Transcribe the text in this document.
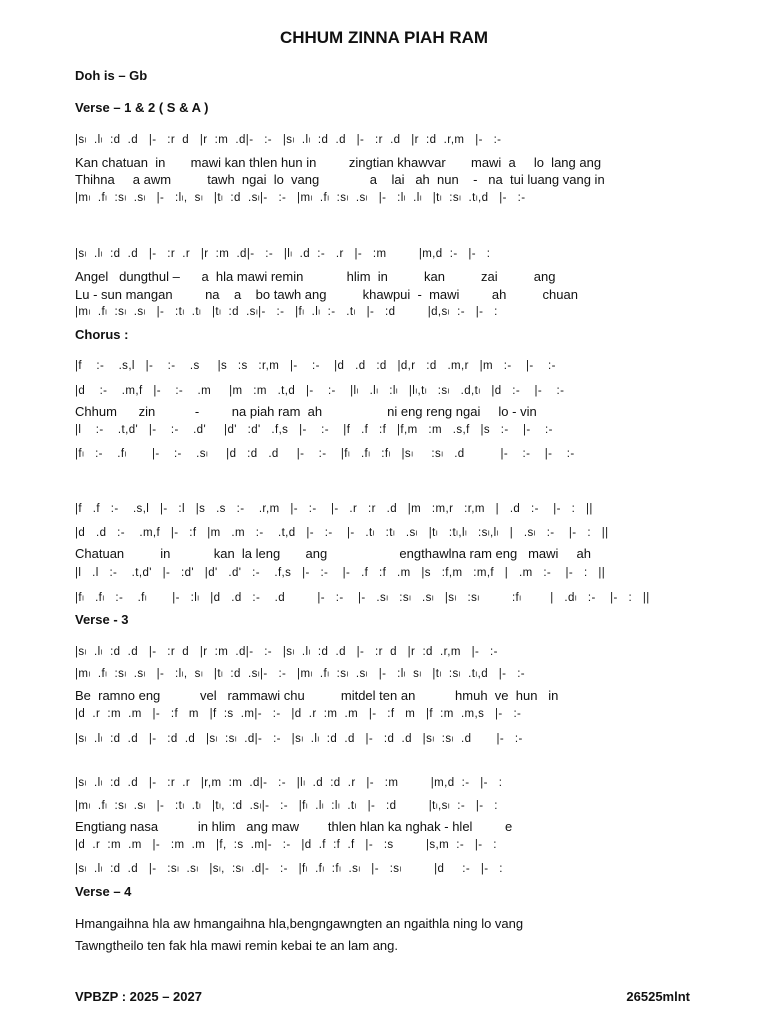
CHHUM ZINNA PIAH RAM
Doh is – Gb
Verse – 1 & 2 ( S & A )
|sₗ  .lₗ  :d  .d   |-   :r  d   |r  :m  .d|-   :-   |sₗ  .lₗ  :d  .d   |-   :r  .d   |r  :d  .r,m   |-   :-
Kan chatuan  in       mawi kan thlen hun in         zingtian khawvar       mawi  a     lo  lang ang
Thihna     a awm          tawh  ngai  lo  vang              a    lai   ah  nun    -   na  tui luang vang in
|mₗ  .fₗ  :sₗ  .sₗ   |-   :lₗ,  sₗ   |tₗ  :d  .sₗ|-   :-   |mₗ  .fₗ  :sₗ  .sₗ   |-   :lₗ  .lₗ   |tₗ  :sₗ  .tₗ,d   |-   :-
|sₗ  .lₗ  :d  .d   |-   :r  .r   |r  :m  .d|-   :-   |lₗ  .d  :-   .r   |-   :m         |m,d  :-   |-   :
Angel   dungthul –      a  hla mawi remin            hlim  in          kan          zai          ang
Lu - sun mangan         na    a    bo tawh ang          khawpui  -  mawi         ah          chuan
|mₗ  .fₗ  :sₗ  .sₗ   |-   :tₗ  .tₗ   |tₗ  :d  .sₗ|-   :-   |fₗ  .lₗ  :-   .tₗ   |-   :d         |d,sₗ  :-   |-   :
Chorus :
|f    :-    .s,l   |-    :-    .s     |s   :s   :r,m   |-    :-    |d   .d   :d   |d,r   :d   .m,r   |m   :-    |-    :-
|d    :-    .m,f   |-    :-    .m     |m   :m   .t,d   |-    :-    |lₗ   .lₗ   :lₗ   |lₗ,tₗ   :sₗ   .d,tₗ   |d   :-    |-    :-
Chhum      zin           -         na piah ram  ah                  ni eng reng ngai     lo - vin
|l    :-    .t,d'   |-    :-    .d'     |d'   :d'   .f,s   |-    :-    |f   .f   :f   |f,m   :m   .s,f   |s   :-    |-    :-
|fₗ   :-    .fₗ       |-    :-    .sₗ     |d   :d   .d     |-    :-    |fₗ   .fₗ   :fₗ   |sₗ     :sₗ   .d          |-    :-    |-    :-
|f   .f   :-    .s,l   |-   :l   |s   .s   :-    .r,m   |-   :-    |-   .r   :r   .d   |m   :m,r   :r,m   |   .d   :-    |-   :   ||
|d   .d   :-    .m,f   |-   :f   |m   .m   :-    .t,d   |-   :-    |-   .tₗ   :tₗ   .sₗ   |tₗ   :tₗ,lₗ   :sₗ,lₗ   |   .sₗ   :-    |-   :   ||
Chatuan          in            kan  la leng       ang                    engthawlna ram eng   mawi     ah
|l   .l   :-    .t,d'   |-   :d'   |d'   .d'   :-    .f,s   |-   :-    |-   .f   :f   .m   |s   :f,m   :m,f   |   .m   :-    |-   :   ||
|fₗ   .fₗ   :-    .fₗ       |-   :lₗ   |d   .d   :-    .d         |-   :-    |-   .sₗ   :sₗ   .sₗ   |sₗ   :sₗ         :fₗ        |   .dₗ   :-    |-   :   ||
Verse - 3
|sₗ  .lₗ  :d  .d   |-   :r  d   |r  :m  .d|-   :-   |sₗ  .lₗ  :d  .d   |-   :r  d   |r  :d  .r,m   |-   :-
|mₗ  .fₗ  :sₗ  .sₗ   |-   :lₗ,  sₗ   |tₗ  :d  .sₗ|-   :-   |mₗ  .fₗ  :sₗ  .sₗ   |-   :lₗ  sₗ   |tₗ  :sₗ  .tₗ,d   |-   :-
Be  ramno eng           vel   rammawi chu          mitdel ten an           hmuh  ve  hun   in
|d  .r  :m  .m   |-   :f   m   |f  :s  .m|-   :-   |d  .r  :m  .m   |-   :f   m   |f  :m  .m,s   |-   :-
|sₗ  .lₗ  :d  .d   |-   :d  .d   |sₗ  :sₗ  .d|-   :-   |sₗ  .lₗ  :d  .d   |-   :d  .d   |sₗ  :sₗ  .d       |-   :-
|sₗ  .lₗ  :d  .d   |-   :r  .r   |r,m  :m  .d|-   :-   |lₗ  .d  :d  .r   |-   :m         |m,d  :-   |-   :
|mₗ  .fₗ  :sₗ  .sₗ   |-   :tₗ  .tₗ   |tₗ,  :d  .sₗ|-   :-   |fₗ  .lₗ  :lₗ  .tₗ   |-   :d         |tₗ,sₗ  :-   |-   :
Engtiang nasa           in hlim   ang maw        thlen hlan ka nghak - hlel         e
|d  .r  :m  .m   |-   :m  .m   |f,  :s  .m|-   :-   |d  .f  :f  .f   |-   :s         |s,m  :-   |-   :
|sₗ  .lₗ  :d  .d   |-   :sₗ  .sₗ   |sₗ,  :sₗ  .d|-   :-   |fₗ  .fₗ  :fₗ  .sₗ   |-   :sₗ         |d     :-   |-   :
Verse – 4
Hmangaihna hla aw hmangaihna hla,bengngawngten an ngaithla ning lo vang
Tawngtheilo ten fak hla mawi remin kebai te an lam ang.
VPBZP : 2025 – 2027	26525mlnt
